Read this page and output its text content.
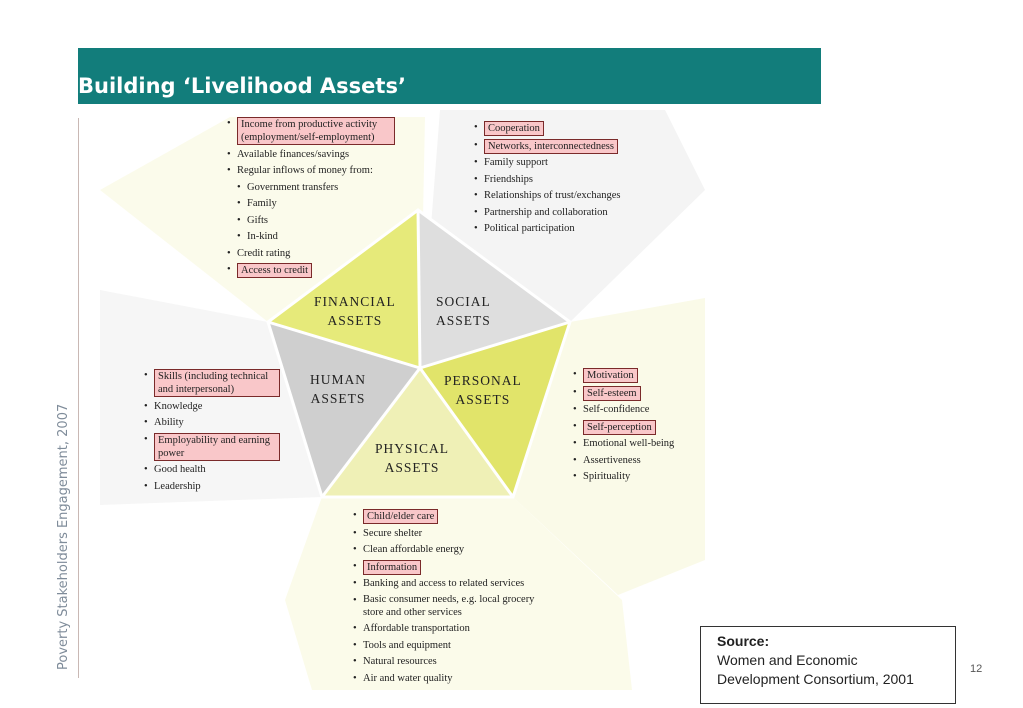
Building ‘Livelihood Assets’
Poverty Stakeholders Engagement, 2007
FINANCIAL
ASSETS
SOCIAL
ASSETS
HUMAN
ASSETS
PERSONAL
ASSETS
PHYSICAL
ASSETS
• Income from productive activity (employment/self-employment)
• Available finances/savings
• Regular inflows of money from:
• Government transfers
• Family
• Gifts
• In-kind
• Credit rating
• Access to credit
• Cooperation
• Networks, interconnectedness
• Family support
• Friendships
• Relationships of trust/exchanges
• Partnership and collaboration
• Political participation
• Skills (including technical and interpersonal)
• Knowledge
• Ability
• Employability and earning power
• Good health
• Leadership
• Motivation
• Self-esteem
• Self-confidence
• Self-perception
• Emotional well-being
• Assertiveness
• Spirituality
• Child/elder care
• Secure shelter
• Clean affordable energy
• Information
• Banking and access to related services
• Basic consumer needs, e.g. local grocery store and other services
• Affordable transportation
• Tools and equipment
• Natural resources
• Air and water quality
Source:
Women and Economic
Development Consortium, 2001
12
